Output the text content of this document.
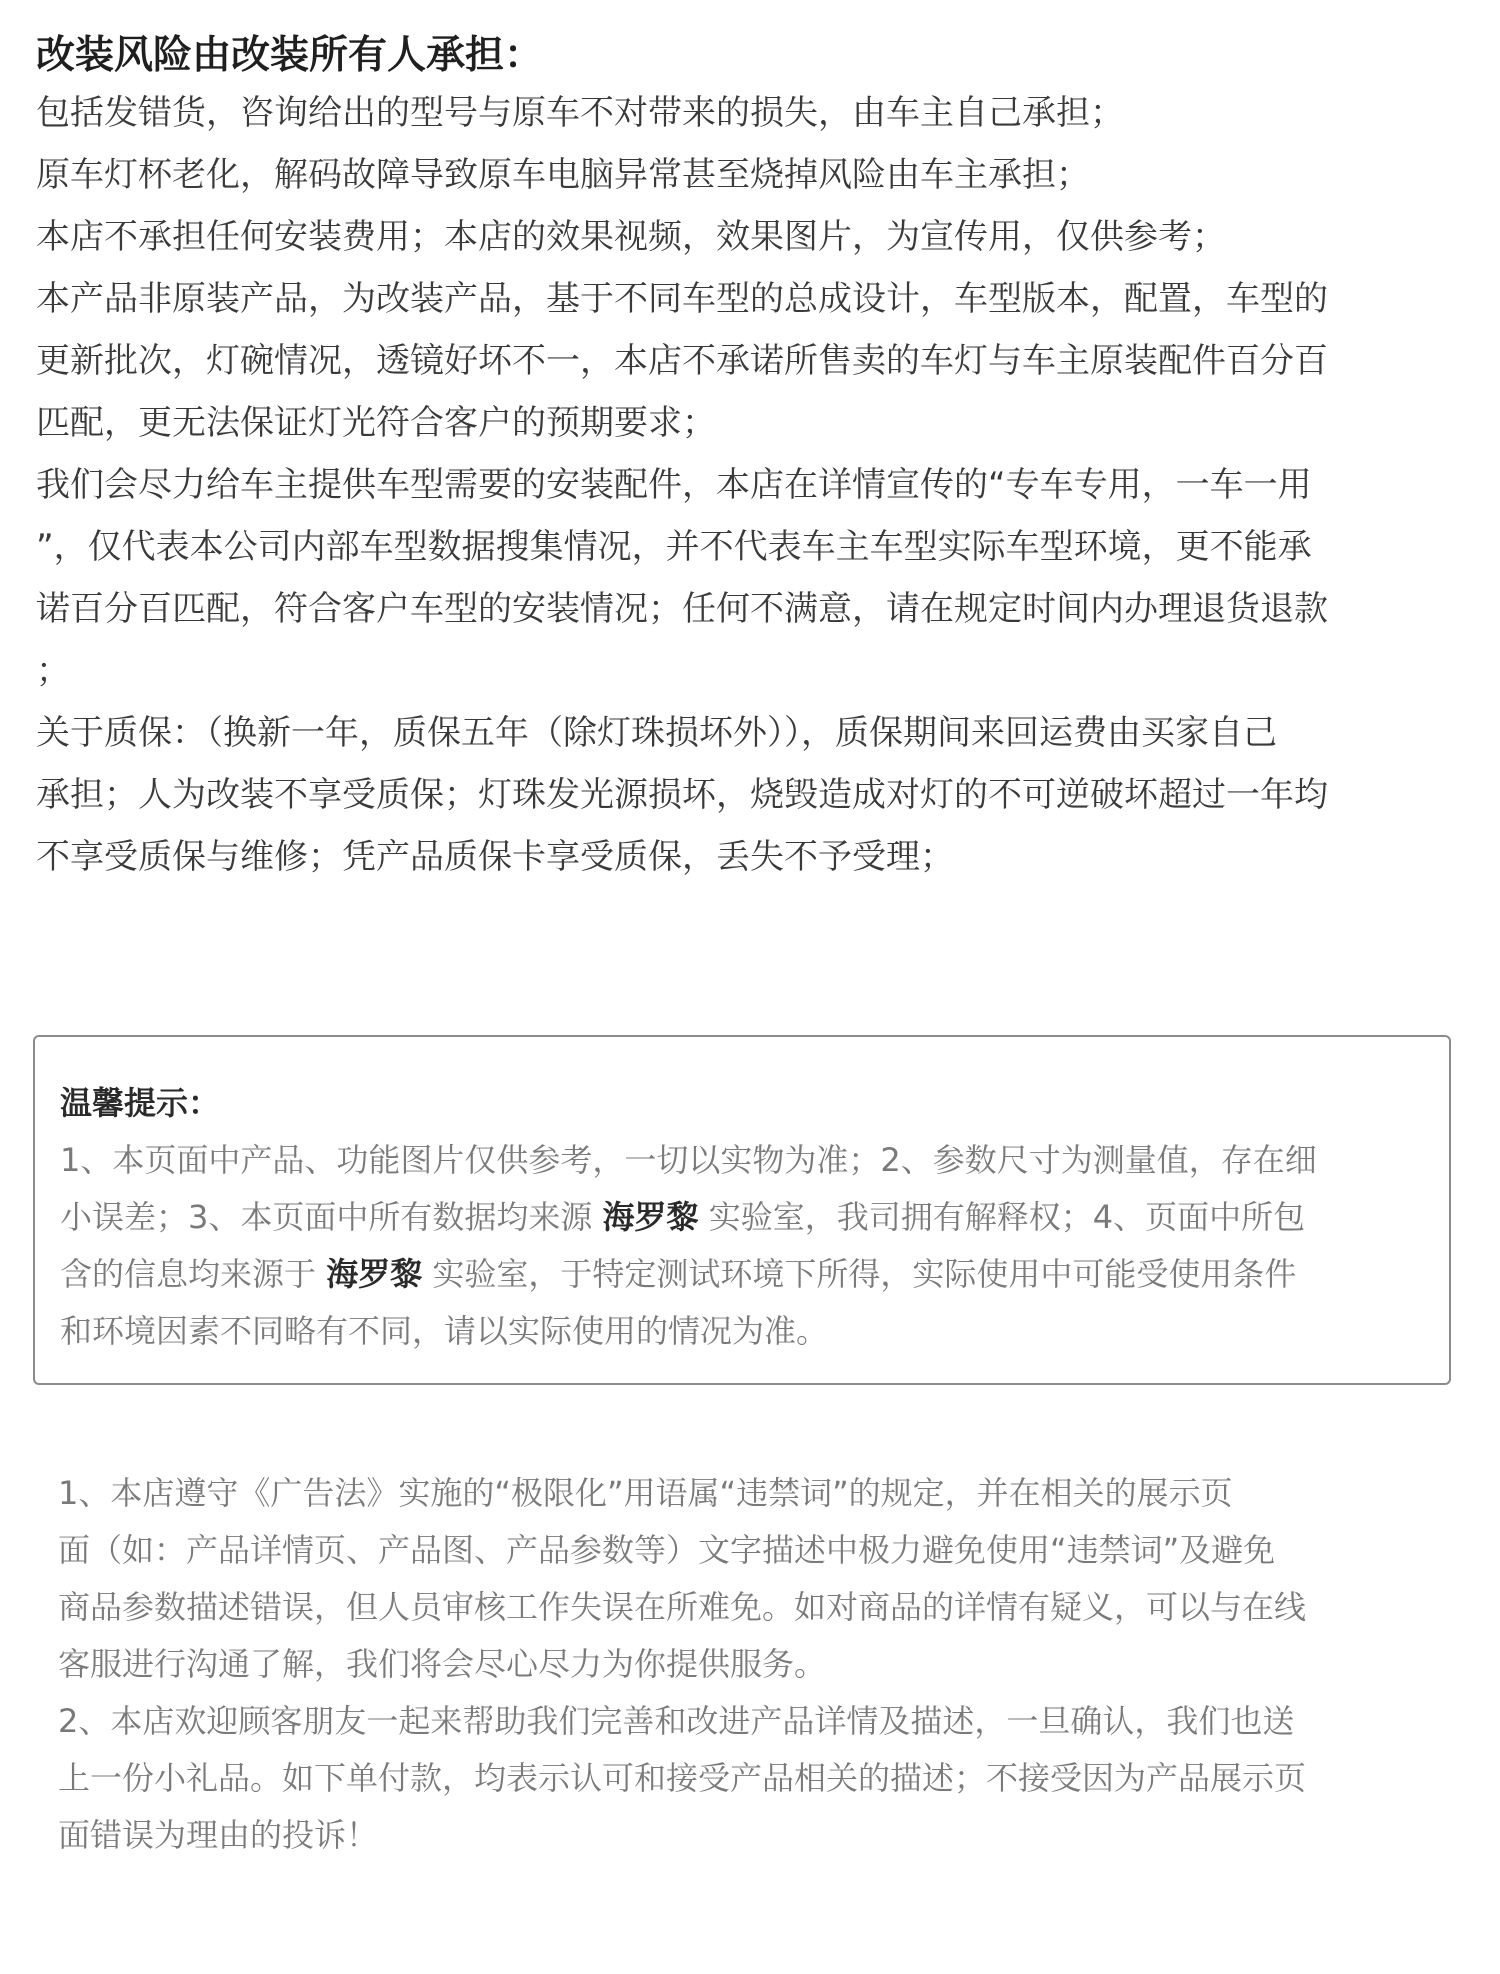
改装风险由改装所有人承担：

包括发错货，咨询给出的型号与原车不对带来的损失，由车主自己承担；
原车灯杯老化，解码故障导致原车电脑异常甚至烧掉风险由车主承担；
本店不承担任何安装费用；本店的效果视频，效果图片，为宣传用，仅供参考；
本产品非原装产品，为改装产品，基于不同车型的总成设计，车型版本，配置，车型的
更新批次，灯碗情况，透镜好坏不一，本店不承诺所售卖的车灯与车主原装配件百分百
匹配，更无法保证灯光符合客户的预期要求；
我们会尽力给车主提供车型需要的安装配件，本店在详情宣传的“专车专用，一车一用
”，仅代表本公司内部车型数据搜集情况，并不代表车主车型实际车型环境，更不能承
诺百分百匹配，符合客户车型的安装情况；任何不满意，请在规定时间内办理退货退款
；
关于质保：（换新一年，质保五年（除灯珠损坏外）），质保期间来回运费由买家自己
承担；人为改装不享受质保；灯珠发光源损坏，烧毁造成对灯的不可逆破坏超过一年均
不享受质保与维修；凭产品质保卡享受质保，丢失不予受理；

温馨提示：

1、本页面中产品、功能图片仅供参考，一切以实物为准；2、参数尺寸为测量值，存在细
小误差；3、本页面中所有数据均来源 海罗黎 实验室，我司拥有解释权；4、页面中所包
含的信息均来源于 海罗黎 实验室，于特定测试环境下所得，实际使用中可能受使用条件
和环境因素不同略有不同，请以实际使用的情况为准。

1、本店遵守《广告法》实施的“极限化”用语属“违禁词”的规定，并在相关的展示页
面（如：产品详情页、产品图、产品参数等）文字描述中极力避免使用“违禁词”及避免
商品参数描述错误，但人员审核工作失误在所难免。如对商品的详情有疑义，可以与在线
客服进行沟通了解，我们将会尽心尽力为你提供服务。

2、本店欢迎顾客朋友一起来帮助我们完善和改进产品详情及描述，一旦确认，我们也送
上一份小礼品。如下单付款，均表示认可和接受产品相关的描述；不接受因为产品展示页
面错误为理由的投诉！
